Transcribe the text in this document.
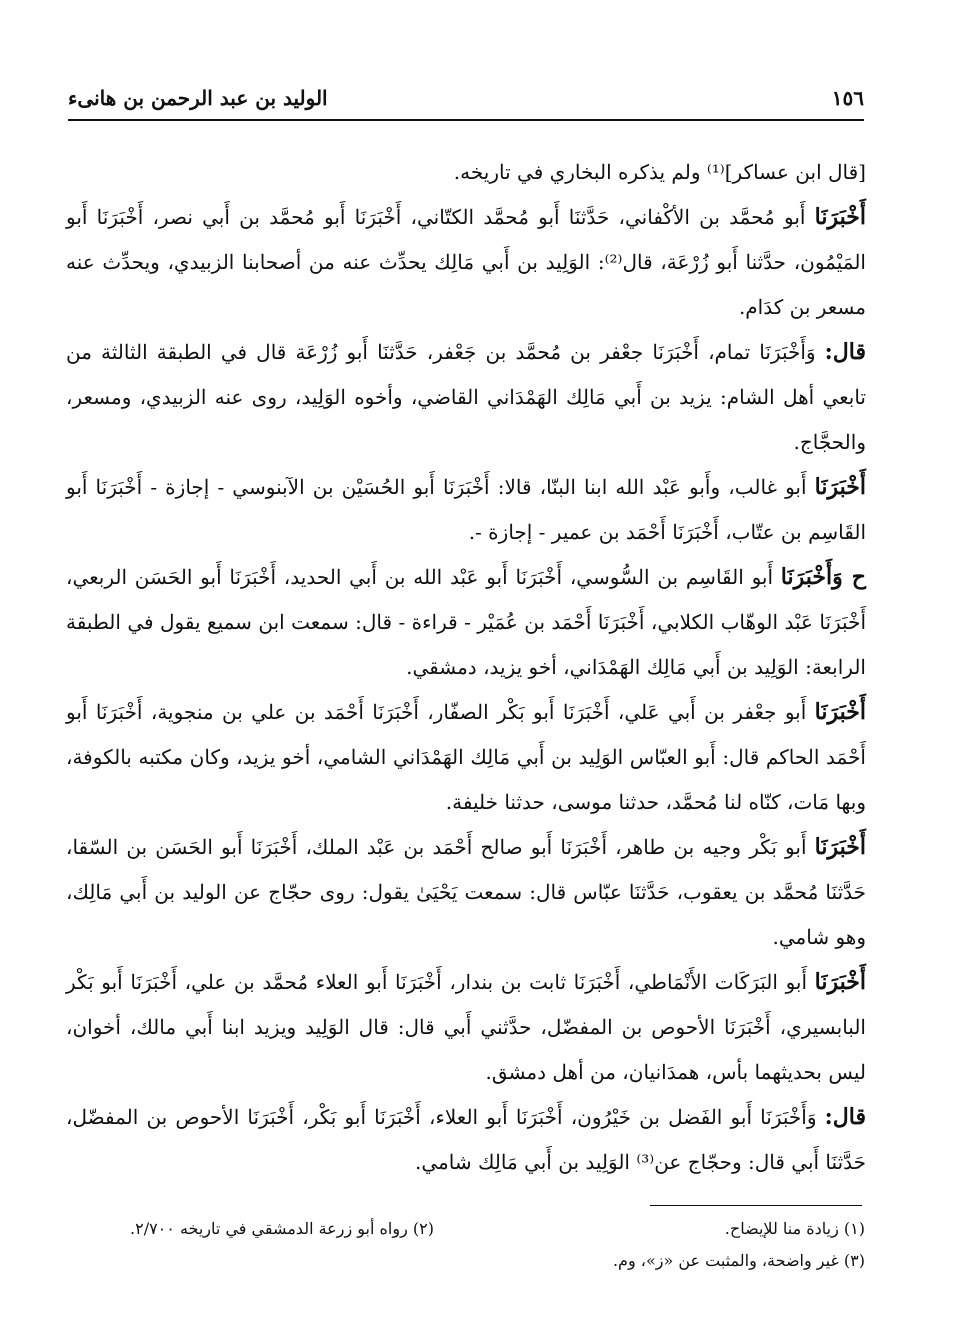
١٥٦
الوليد بن عبد الرحمن بن هانىء

[قال ابن عساكر]⁽¹⁾ ولم يذكره البخاري في تاريخه.

أَخْبَرَنَا أَبو مُحمَّد بن الأكْفاني، حَدَّثنَا أَبو مُحمَّد الكتّاني، أَخْبَرَنَا أَبو مُحمَّد بن أَبي نصر، أَخْبَرَنَا أَبو المَيْمُون، حدَّثنا أَبو زُرْعَة، قال⁽²⁾: الوَلِيد بن أَبي مَالِك يحدِّث عنه من أصحابنا الزبيدي، ويحدِّث عنه مسعر بن كدَام.

قال: وَأَخْبَرَنَا تمام، أَخْبَرَنَا جعْفر بن مُحمَّد بن جَعْفر، حَدَّثنَا أَبو زُرْعَة قال في الطبقة الثالثة من تابعي أهل الشام: يزيد بن أَبي مَالِك الهَمْدَاني القاضي، وأخوه الوَلِيد، روى عنه الزبيدي، ومسعر، والحجَّاج.

أَخْبَرَنَا أَبو غالب، وأَبو عَبْد الله ابنا البنّا، قالا: أَخْبَرَنَا أَبو الحُسَيْن بن الآبنوسي - إجازة - أَخْبَرَنَا أَبو القَاسِم بن عتّاب، أَخْبَرَنَا أَحْمَد بن عمير - إجازة -.

ح وَأَخْبَرَنَا أَبو القَاسِم بن السُّوسي، أَخْبَرَنَا أَبو عَبْد الله بن أَبي الحديد، أَخْبَرَنَا أَبو الحَسَن الربعي، أَخْبَرَنَا عَبْد الوهّاب الكلابي، أَخْبَرَنَا أَحْمَد بن عُمَيْر - قراءة - قال: سمعت ابن سميع يقول في الطبقة الرابعة: الوَلِيد بن أَبي مَالِك الهَمْدَاني، أخو يزيد، دمشقي.

أَخْبَرَنَا أَبو جعْفر بن أَبي عَلي، أَخْبَرَنَا أَبو بَكْر الصفّار، أَخْبَرَنَا أَحْمَد بن علي بن منجوية، أَخْبَرَنَا أَبو أَحْمَد الحاكم قال: أَبو العبّاس الوَلِيد بن أَبي مَالِك الهَمْدَاني الشامي، أخو يزيد، وكان مكتبه بالكوفة، وبها مَات، كنّاه لنا مُحمَّد، حدثنا موسى، حدثنا خليفة.

أَخْبَرَنَا أَبو بَكْر وجيه بن طاهر، أَخْبَرَنَا أَبو صالح أَحْمَد بن عَبْد الملك، أَخْبَرَنَا أَبو الحَسَن بن السّقا، حَدَّثنَا مُحمَّد بن يعقوب، حَدَّثنَا عبّاس قال: سمعت يَحْيَىٰ يقول: روى حجّاج عن الوليد بن أَبي مَالِك، وهو شامي.

أَخْبَرَنَا أَبو البَرَكَات الأَنْمَاطي، أَخْبَرَنَا ثابت بن بندار، أَخْبَرَنَا أَبو العلاء مُحمَّد بن علي، أَخْبَرَنَا أَبو بَكْر البابسيري، أَخْبَرَنَا الأحوص بن المفضّل، حدَّثني أَبي قال: قال الوَلِيد ويزيد ابنا أَبي مالك، أخوان، ليس بحديثهما بأس، همدَانيان، من أهل دمشق.

قال: وَأَخْبَرَنَا أَبو الفَضل بن خَيْرُون، أَخْبَرَنَا أَبو العلاء، أَخْبَرَنَا أَبو بَكْر، أَخْبَرَنَا الأحوص بن المفضّل، حَدَّثنَا أَبي قال: وحجّاج عن⁽³⁾ الوَلِيد بن أَبي مَالِك شامي.

(١) زيادة منا للإيضاح.
(٢) رواه أبو زرعة الدمشقي في تاريخه ٢/٧٠٠.
(٣) غير واضحة، والمثبت عن «ز»، وم.
